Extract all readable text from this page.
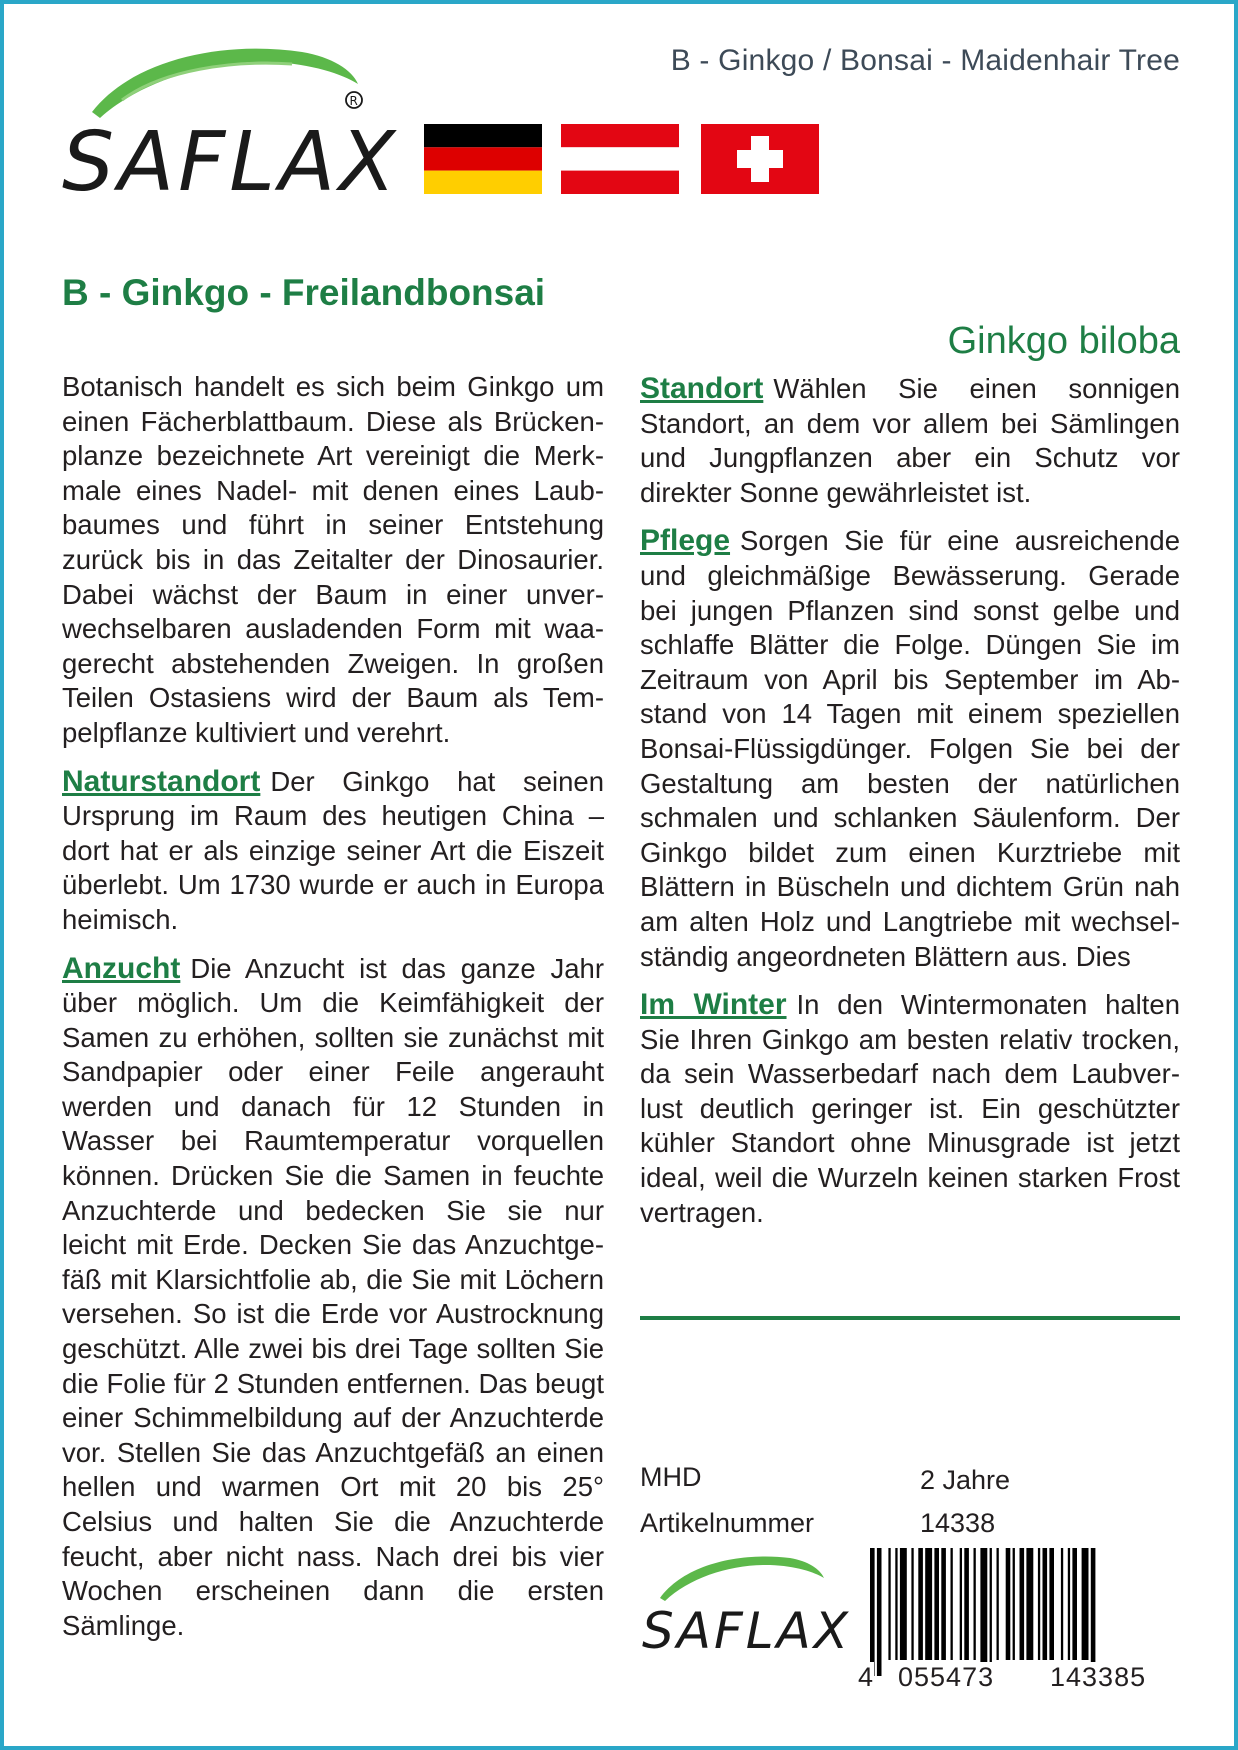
B - Ginkgo / Bonsai - Maidenhair Tree
SAFLAX
R
B - Ginkgo - Freilandbonsai
Ginkgo biloba

Botanisch handelt es sich beim Ginkgo um einen Fächerblattbaum. Diese als Brückenplanze bezeichnete Art vereinigt die Merkmale eines Nadel- mit denen eines Laubbaumes und führt in seiner Entstehung zurück bis in das Zeitalter der Dinosaurier. Dabei wächst der Baum in einer unverwechselbaren ausladenden Form mit waagerecht abstehenden Zweigen. In großen Teilen Ostasiens wird der Baum als Tempelpflanze kultiviert und verehrt.

Naturstandort Der Ginkgo hat seinen Ursprung im Raum des heutigen China – dort hat er als einzige seiner Art die Eiszeit überlebt. Um 1730 wurde er auch in Europa heimisch.

Anzucht Die Anzucht ist das ganze Jahr über möglich. Um die Keimfähigkeit der Samen zu erhöhen, sollten sie zunächst mit Sandpapier oder einer Feile angerauht werden und danach für 12 Stunden in Wasser bei Raumtemperatur vorquellen können. Drücken Sie die Samen in feuchte Anzuchterde und bedecken Sie sie nur leicht mit Erde. Decken Sie das Anzuchtgefäß mit Klarsichtfolie ab, die Sie mit Löchern versehen. So ist die Erde vor Austrocknung geschützt. Alle zwei bis drei Tage sollten Sie die Folie für 2 Stunden entfernen. Das beugt einer Schimmelbildung auf der Anzuchterde vor. Stellen Sie das Anzuchtgefäß an einen hellen und warmen Ort mit 20 bis 25° Celsius und halten Sie die Anzuchterde feucht, aber nicht nass. Nach drei bis vier Wochen erscheinen dann die ersten Sämlinge.

Standort Wählen Sie einen sonnigen Standort, an dem vor allem bei Sämlingen und Jungpflanzen aber ein Schutz vor direkter Sonne gewährleistet ist.

Pflege Sorgen Sie für eine ausreichende und gleichmäßige Bewässerung. Gerade bei jungen Pflanzen sind sonst gelbe und schlaffe Blätter die Folge. Düngen Sie im Zeitraum von April bis September im Abstand von 14 Tagen mit einem speziellen Bonsai-Flüssigdünger. Folgen Sie bei der Gestaltung am besten der natürlichen schmalen und schlanken Säulenform. Der Ginkgo bildet zum einen Kurztriebe mit Blättern in Büscheln und dichtem Grün nah am alten Holz und Langtriebe mit wechselständig angeordneten Blättern aus. Dies

Im Winter In den Wintermonaten halten Sie Ihren Ginkgo am besten relativ trocken, da sein Wasserbedarf nach dem Laubverlust deutlich geringer ist. Ein geschützter kühler Standort ohne Minusgrade ist jetzt ideal, weil die Wurzeln keinen starken Frost vertragen.

MHD	2 Jahre
Artikelnummer	14338
SAFLAX
4 055473 143385
